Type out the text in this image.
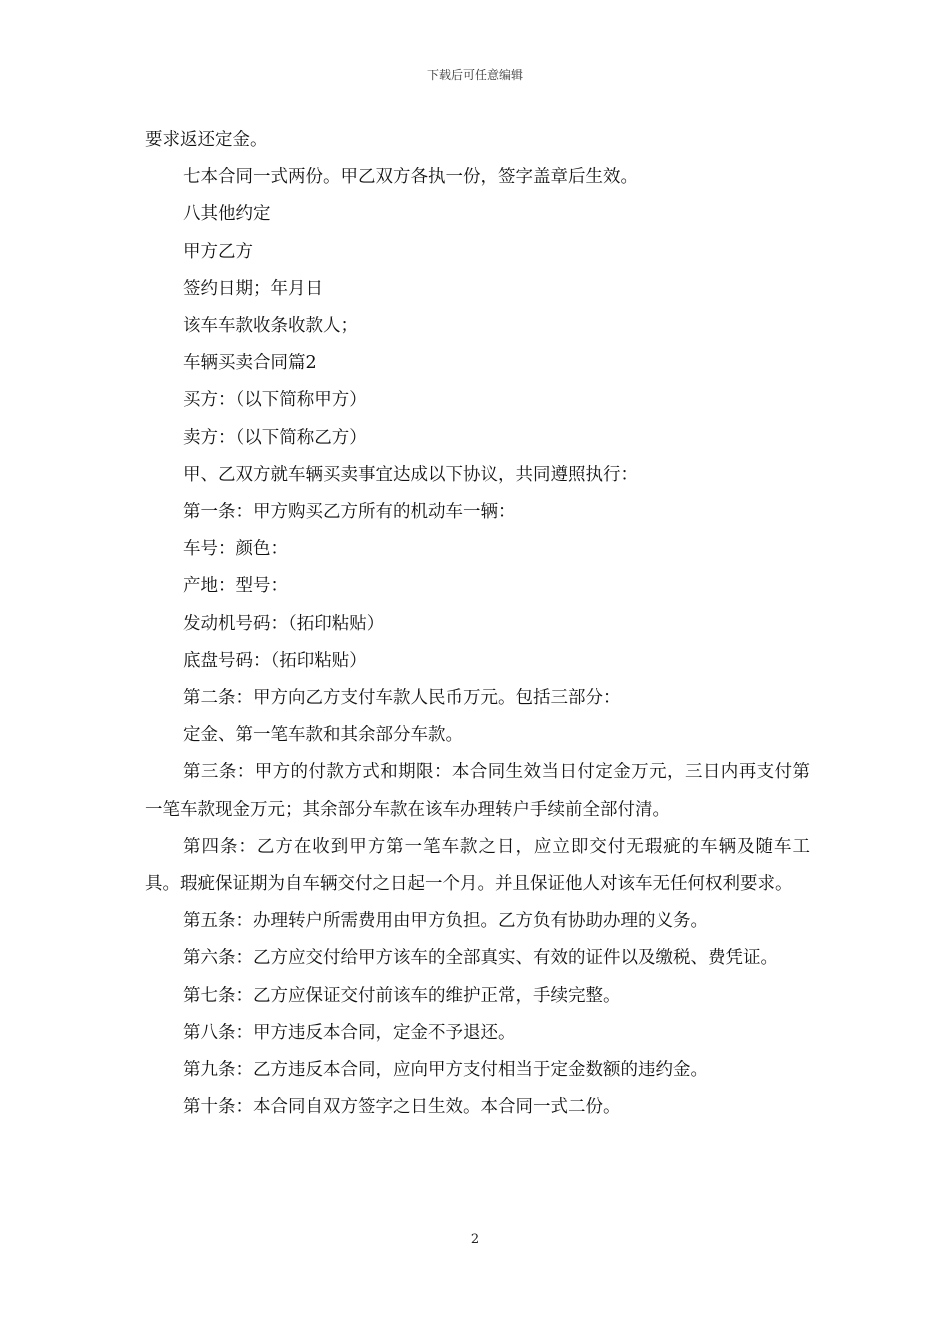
下载后可任意编辑

要求返还定金。

七本合同一式两份。甲乙双方各执一份，签字盖章后生效。

八其他约定

甲方乙方

签约日期；年月日

该车车款收条收款人；

车辆买卖合同篇2

买方：（以下简称甲方）

卖方：（以下简称乙方）

甲、乙双方就车辆买卖事宜达成以下协议，共同遵照执行：

第一条：甲方购买乙方所有的机动车一辆：

车号：颜色：

产地：型号：

发动机号码：（拓印粘贴）

底盘号码：（拓印粘贴）

第二条：甲方向乙方支付车款人民币万元。包括三部分：

定金、第一笔车款和其余部分车款。

第三条：甲方的付款方式和期限：本合同生效当日付定金万元，三日内再支付第一笔车款现金万元；其余部分车款在该车办理转户手续前全部付清。

第四条：乙方在收到甲方第一笔车款之日，应立即交付无瑕疵的车辆及随车工具。瑕疵保证期为自车辆交付之日起一个月。并且保证他人对该车无任何权利要求。

第五条：办理转户所需费用由甲方负担。乙方负有协助办理的义务。

第六条：乙方应交付给甲方该车的全部真实、有效的证件以及缴税、费凭证。

第七条：乙方应保证交付前该车的维护正常，手续完整。

第八条：甲方违反本合同，定金不予退还。

第九条：乙方违反本合同，应向甲方支付相当于定金数额的违约金。

第十条：本合同自双方签字之日生效。本合同一式二份。

2
